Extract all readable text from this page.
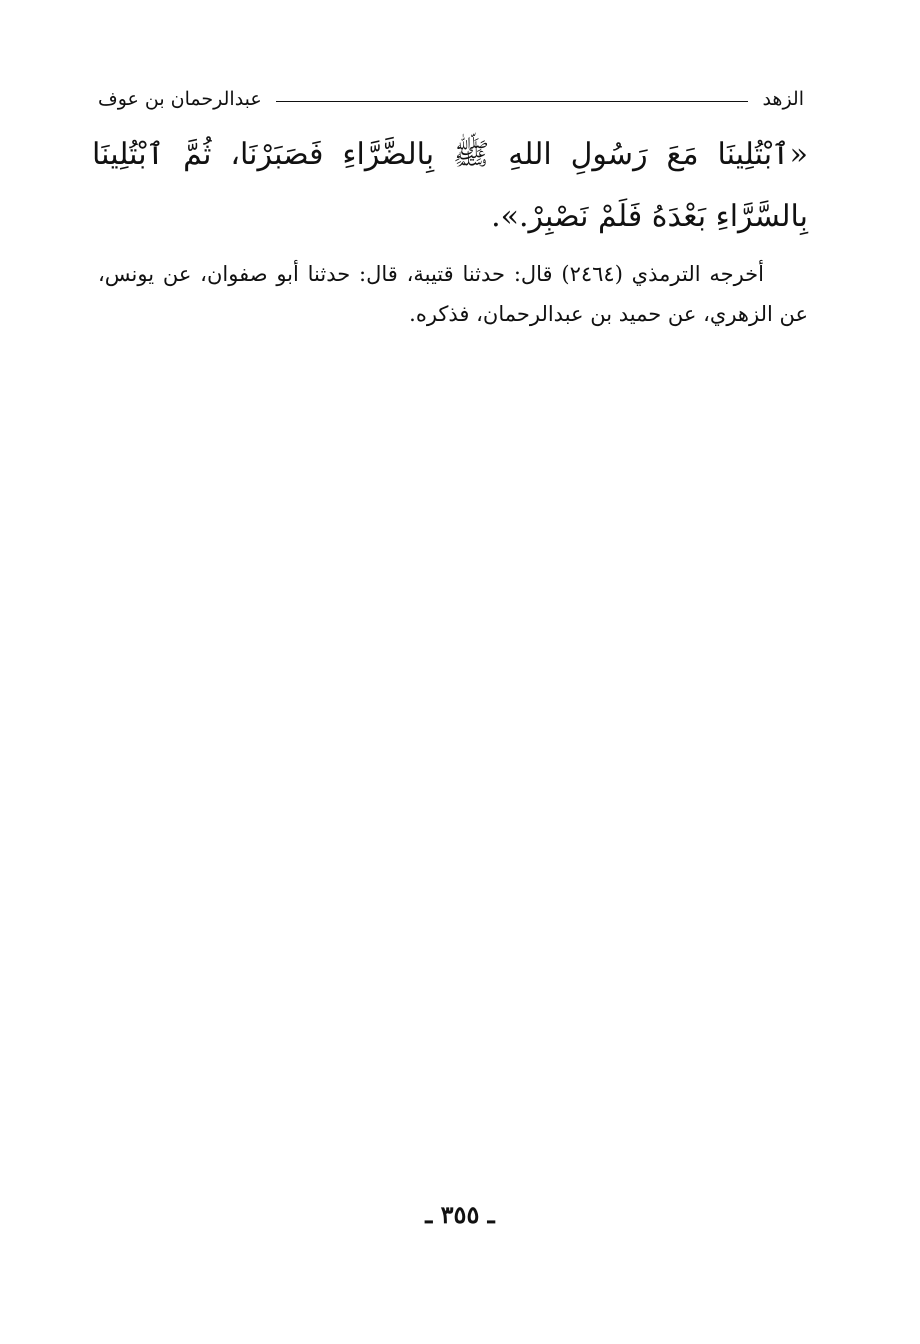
الزهد
عبدالرحمان بن عوف

«ٱبْتُلِينَا مَعَ رَسُولِ اللهِ ﷺ بِالضَّرَّاءِ فَصَبَرْنَا، ثُمَّ ٱبْتُلِينَا بِالسَّرَّاءِ بَعْدَهُ فَلَمْ نَصْبِرْ.».

أخرجه الترمذي (٢٤٦٤) قال: حدثنا قتيبة، قال: حدثنا أبو صفوان، عن يونس، عن الزهري، عن حميد بن عبدالرحمان، فذكره.

ـ ٣٥٥ ـ
